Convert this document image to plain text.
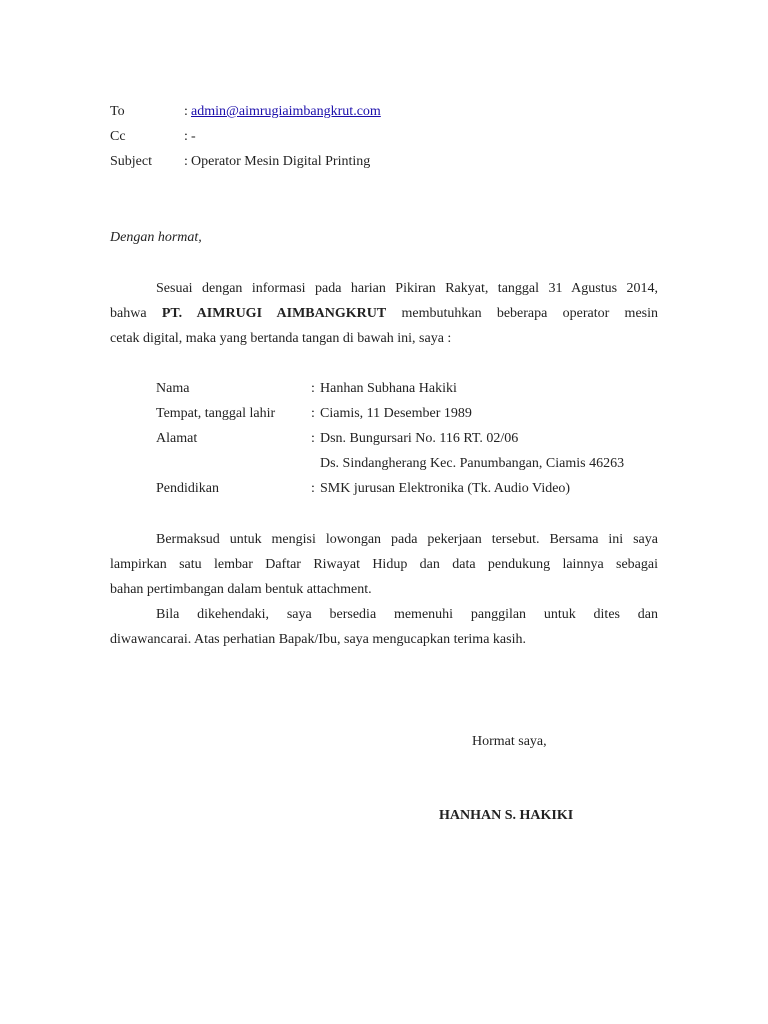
To	: admin@aimrugiaimbangkrut.com
Cc	: -
Subject : Operator Mesin Digital Printing
Dengan hormat,
Sesuai dengan informasi pada harian Pikiran Rakyat, tanggal 31 Agustus 2014,
bahwa PT. AIMRUGI AIMBANGKRUT membutuhkan beberapa operator mesin
cetak digital, maka yang bertanda tangan di bawah ini, saya :
Nama	: Hanhan Subhana Hakiki
Tempat, tanggal lahir	: Ciamis, 11 Desember 1989
Alamat	: Dsn. Bungursari No. 116 RT. 02/06
Ds. Sindangherang Kec. Panumbangan, Ciamis 46263
Pendidikan	: SMK jurusan Elektronika (Tk. Audio Video)
Bermaksud untuk mengisi lowongan pada pekerjaan tersebut. Bersama ini saya
lampirkan satu lembar Daftar Riwayat Hidup dan data pendukung lainnya sebagai
bahan pertimbangan dalam bentuk attachment.
Bila dikehendaki, saya bersedia memenuhi panggilan untuk dites dan
diwawancarai. Atas perhatian Bapak/Ibu, saya mengucapkan terima kasih.
Hormat saya,
HANHAN S. HAKIKI
